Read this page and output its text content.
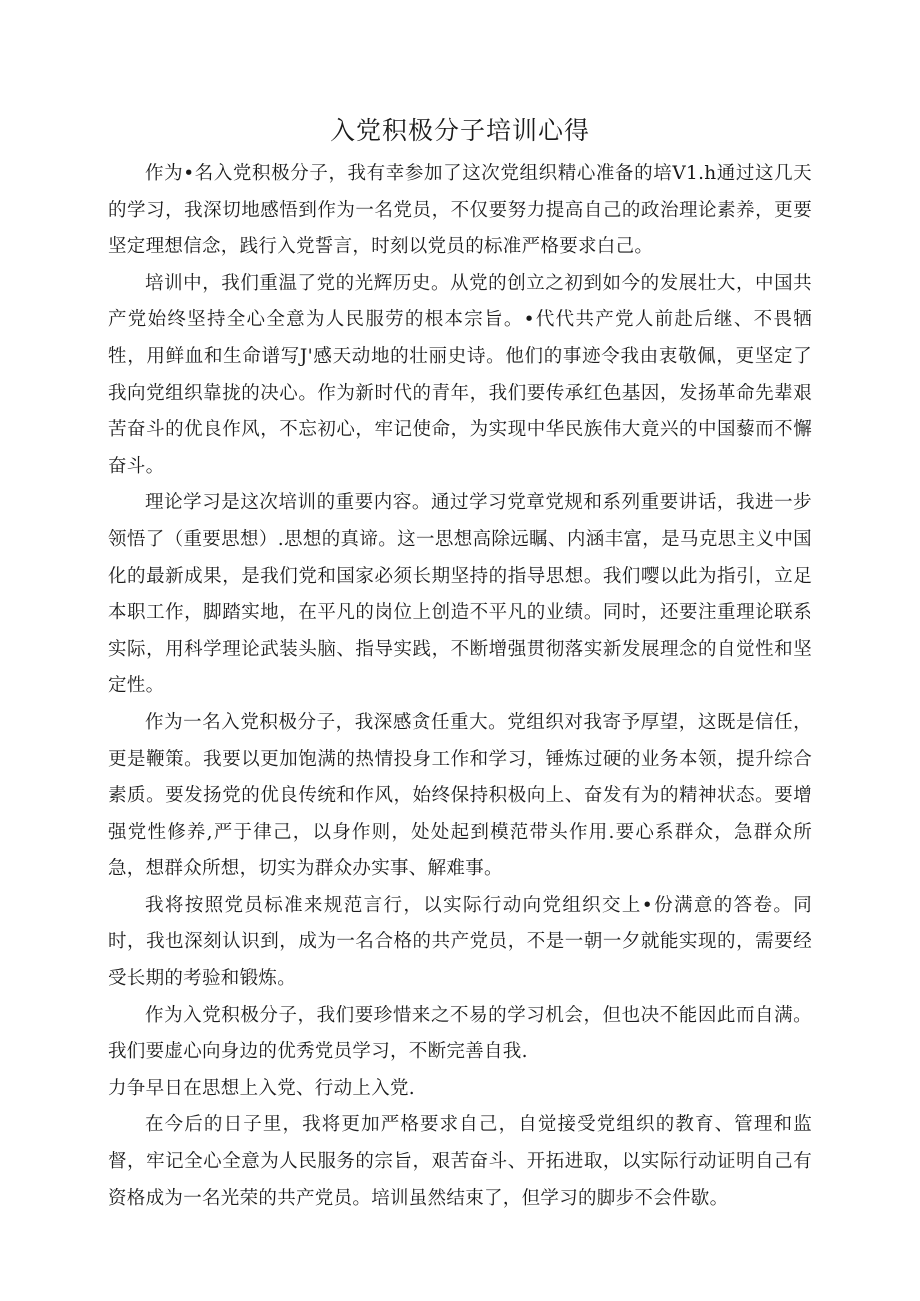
入党积极分子培训心得

作为•名入党积极分子，我有幸参加了这次党组织精心准备的培V1.h通过这几天的学习，我深切地感悟到作为一名党员，不仅要努力提高自己的政治理论素养，更要坚定理想信念，践行入党誓言，时刻以党员的标准严格要求白己。

培训中，我们重温了党的光辉历史。从党的创立之初到如今的发展壮大，中国共产党始终坚持全心全意为人民服劳的根本宗旨。•代代共产党人前赴后继、不畏牺牲，用鲜血和生命谱写J'感天动地的壮丽史诗。他们的事迹令我由衷敬佩，更坚定了我向党组织靠拢的决心。作为新时代的青年，我们要传承红色基因，发扬革命先辈艰苦奋斗的优良作风，不忘初心，牢记使命，为实现中华民族伟大竟兴的中国藜而不懈奋斗。

理论学习是这次培训的重要内容。通过学习党章党规和系列重要讲话，我进一步领悟了（重要思想）.思想的真谛。这一思想高除远瞩、内涵丰富，是马克思主义中国化的最新成果，是我们党和国家必须长期坚持的指导思想。我们嘤以此为指引，立足本职工作，脚踏实地，在平凡的岗位上创造不平凡的业绩。同时，还要注重理论联系实际，用科学理论武装头脑、指导实践，不断增强贯彻落实新发展理念的自觉性和坚定性。

作为一名入党积极分子，我深感贪任重大。党组织对我寄予厚望，这既是信任，更是鞭策。我要以更加饱满的热情投身工作和学习，锤炼过硬的业务本领，提升综合素质。要发扬党的优良传统和作风，始终保持积极向上、奋发有为的精神状态。要增强党性修养,严于律己，以身作则，处处起到模范带头作用.要心系群众，急群众所急，想群众所想，切实为群众办实事、解难事。

我将按照党员标准来规范言行，以实际行动向党组织交上•份满意的答卷。同时，我也深刻认识到，成为一名合格的共产党员，不是一朝一夕就能实现的，需要经受长期的考验和锻炼。

作为入党积极分子，我们要珍惜来之不易的学习机会，但也决不能因此而自满。我们要虚心向身边的优秀党员学习，不断完善自我.

力争早日在思想上入党、行动上入党.

在今后的日子里，我将更加严格要求自己，自觉接受党组织的教育、管理和监督，牢记全心全意为人民服务的宗旨，艰苦奋斗、开拓进取，以实际行动证明自己有资格成为一名光荣的共产党员。培训虽然结束了，但学习的脚步不会件歇。
